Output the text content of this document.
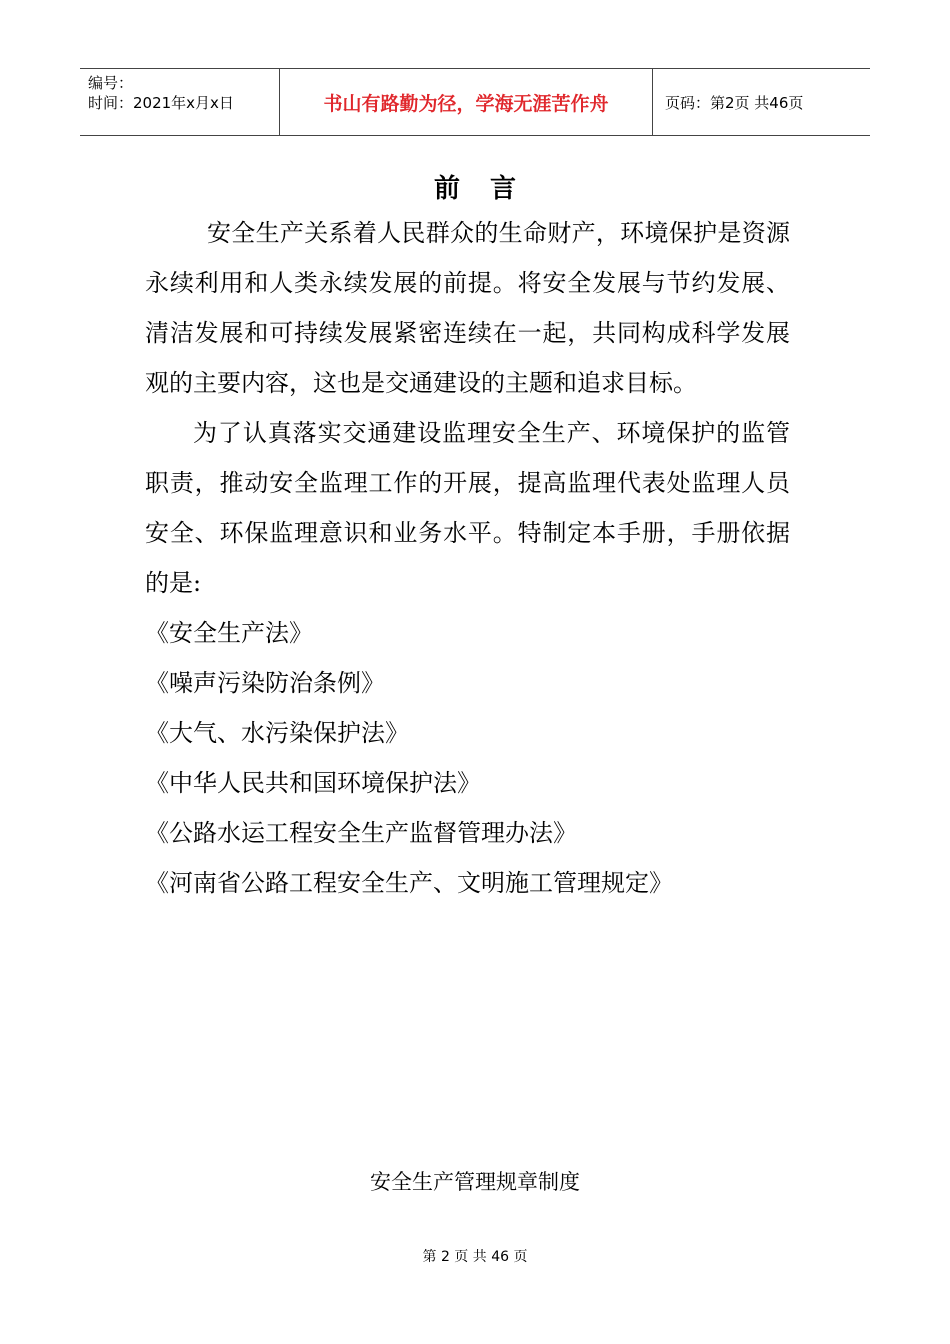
编号：
时间：2021年x月x日	书山有路勤为径，学海无涯苦作舟	页码：第2页 共46页
前言
安全生产关系着人民群众的生命财产，环境保护是资源永续利用和人类永续发展的前提。将安全发展与节约发展、清洁发展和可持续发展紧密连续在一起，共同构成科学发展观的主要内容，这也是交通建设的主题和追求目标。
为了认真落实交通建设监理安全生产、环境保护的监管职责，推动安全监理工作的开展，提高监理代表处监理人员安全、环保监理意识和业务水平。特制定本手册，手册依据的是:
《安全生产法》
《噪声污染防治条例》
《大气、水污染保护法》
《中华人民共和国环境保护法》
《公路水运工程安全生产监督管理办法》
《河南省公路工程安全生产、文明施工管理规定》
安全生产管理规章制度
第 2 页 共 46 页
